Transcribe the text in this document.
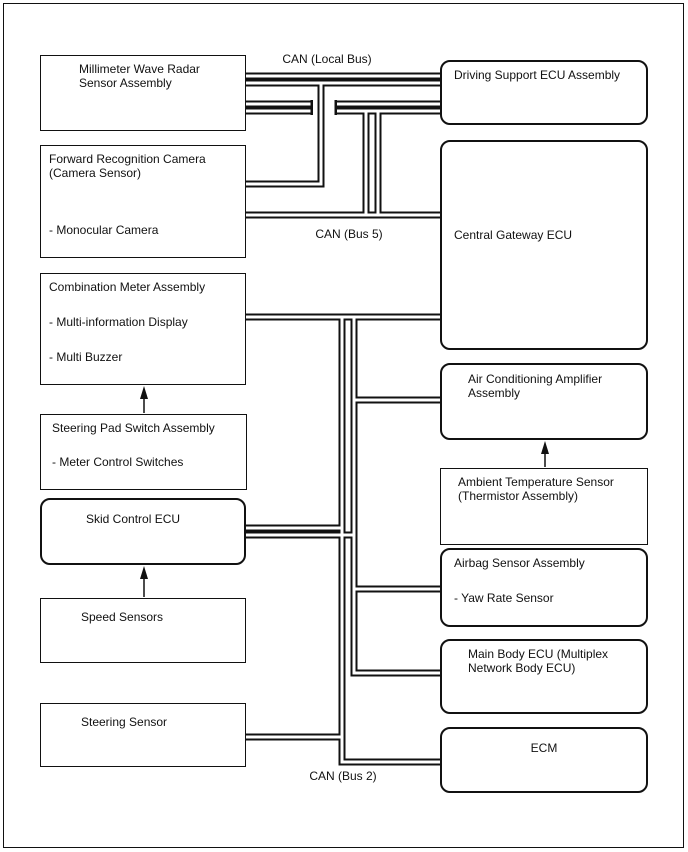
Millimeter Wave Radar
Sensor Assembly
Forward Recognition Camera
(Camera Sensor)
- Monocular Camera
Combination Meter Assembly
- Multi-information Display
- Multi Buzzer
Steering Pad Switch Assembly
- Meter Control Switches
Skid Control ECU
Speed Sensors
Steering Sensor
Driving Support ECU Assembly
Central Gateway ECU
Air Conditioning Amplifier
Assembly
Ambient Temperature Sensor
(Thermistor Assembly)
Airbag Sensor Assembly
- Yaw Rate Sensor
Main Body ECU (Multiplex
Network Body ECU)
ECM
CAN (Local Bus)
CAN (Bus 5)
CAN (Bus 2)
